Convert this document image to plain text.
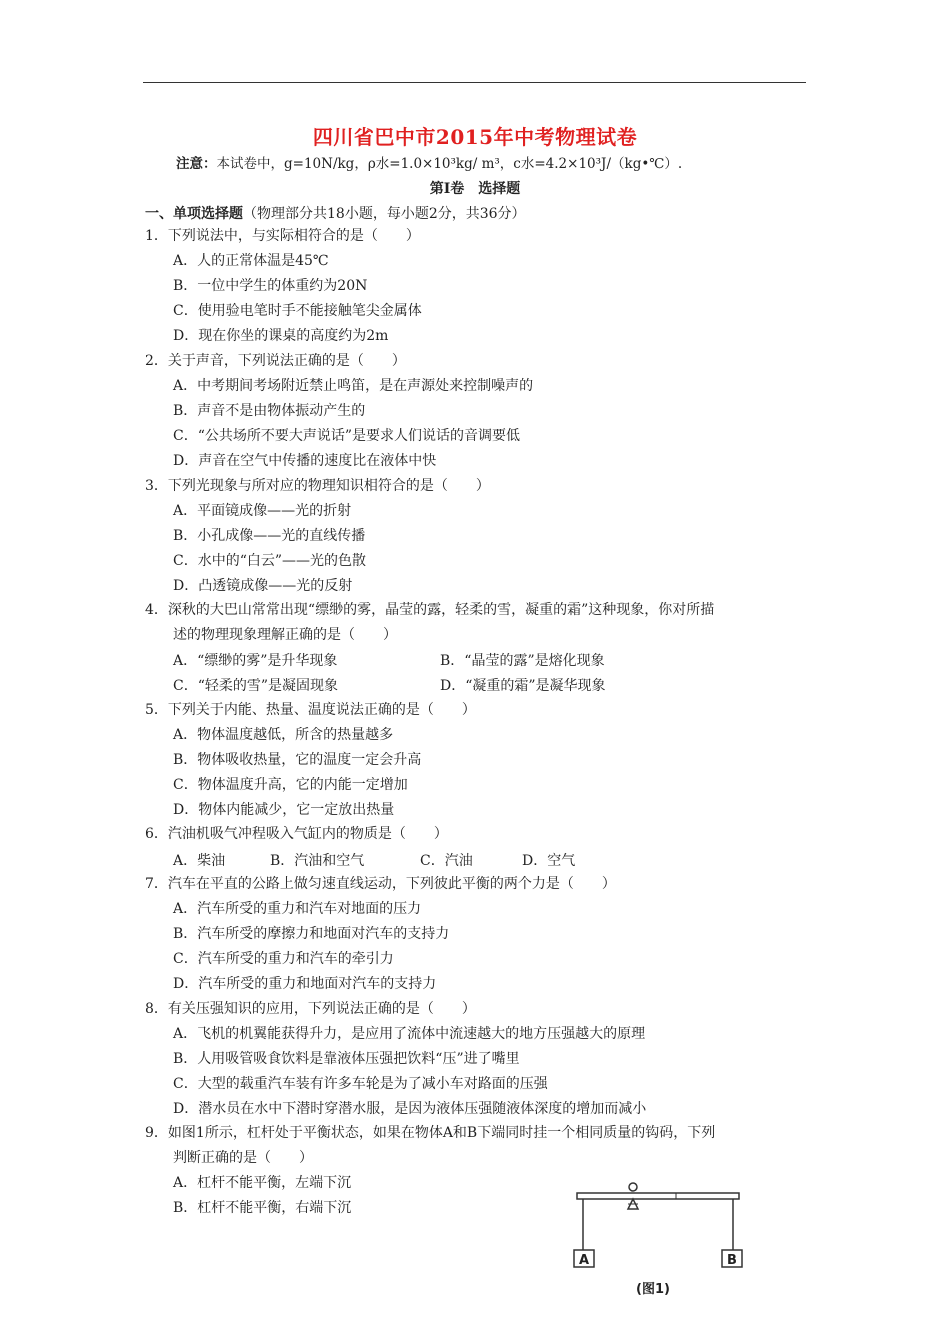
四川省巴中市2015年中考物理试卷
注意：本试卷中，g=10N/kg，ρ水=1.0×10³kg/ m³，c水=4.2×10³J/（kg•℃）.
第Ⅰ卷　选择题
一、单项选择题（物理部分共18小题，每小题2分，共36分）
1．下列说法中，与实际相符合的是（　　）
A．人的正常体温是45℃
B．一位中学生的体重约为20N
C．使用验电笔时手不能接触笔尖金属体
D．现在你坐的课桌的高度约为2m
2．关于声音，下列说法正确的是（　　）
A．中考期间考场附近禁止鸣笛，是在声源处来控制噪声的
B．声音不是由物体振动产生的
C．“公共场所不要大声说话”是要求人们说话的音调要低
D．声音在空气中传播的速度比在液体中快
3．下列光现象与所对应的物理知识相符合的是（　　）
A．平面镜成像——光的折射
B．小孔成像——光的直线传播
C．水中的“白云”——光的色散
D．凸透镜成像——光的反射
4．深秋的大巴山常常出现“缥缈的雾，晶莹的露，轻柔的雪，凝重的霜”这种现象，你对所描
述的物理现象理解正确的是（　　）
A．“缥缈的雾”是升华现象	B．“晶莹的露”是熔化现象
C．“轻柔的雪”是凝固现象	D．“凝重的霜”是凝华现象
5．下列关于内能、热量、温度说法正确的是（　　）
A．物体温度越低，所含的热量越多
B．物体吸收热量，它的温度一定会升高
C．物体温度升高，它的内能一定增加
D．物体内能减少，它一定放出热量
6．汽油机吸气冲程吸入气缸内的物质是（　　）
A．柴油	B．汽油和空气	C．汽油	D．空气
7．汽车在平直的公路上做匀速直线运动，下列彼此平衡的两个力是（　　）
A．汽车所受的重力和汽车对地面的压力
B．汽车所受的摩擦力和地面对汽车的支持力
C．汽车所受的重力和汽车的牵引力
D．汽车所受的重力和地面对汽车的支持力
8．有关压强知识的应用，下列说法正确的是（　　）
A．飞机的机翼能获得升力，是应用了流体中流速越大的地方压强越大的原理
B．人用吸管吸食饮料是靠液体压强把饮料“压”进了嘴里
C．大型的载重汽车装有许多车轮是为了减小车对路面的压强
D．潜水员在水中下潜时穿潜水服，是因为液体压强随液体深度的增加而减小
9．如图1所示，杠杆处于平衡状态，如果在物体A和B下端同时挂一个相同质量的钩码，下列
判断正确的是（　　）
A．杠杆不能平衡，左端下沉
B．杠杆不能平衡，右端下沉
A	B
(图1)
